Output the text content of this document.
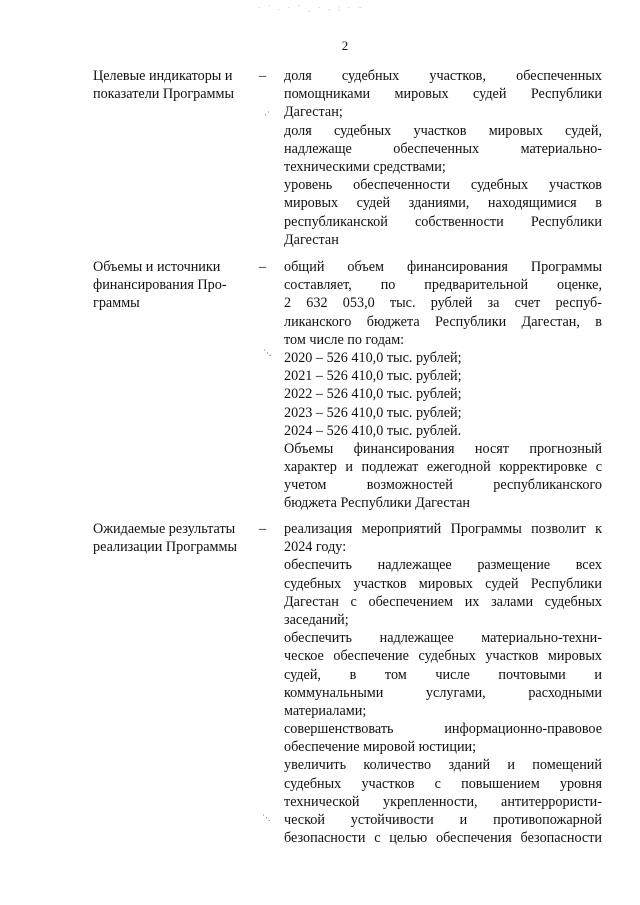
· ` . · ˇ ‸ · ‚ ; · ~
2
Целевые индикаторы и
показатели Программы
–	доля судебных участков, обеспеченных
помощниками мировых судей Республики
Дагестан;
доля судебных участков мировых судей,
надлежаще обеспеченных материально-
техническими средствами;
уровень обеспеченности судебных участков
мировых судей зданиями, находящимися в
республиканской собственности Республики
Дагестан
Объемы и источники
финансирования Про-
граммы
–	общий объем финансирования Программы
составляет, по предварительной оценке,
2 632 053,0 тыс. рублей за счет респуб-
ликанского бюджета Республики Дагестан, в
том числе по годам:
2020 – 526 410,0 тыс. рублей;
2021 – 526 410,0 тыс. рублей;
2022 – 526 410,0 тыс. рублей;
2023 – 526 410,0 тыс. рублей;
2024 – 526 410,0 тыс. рублей.
Объемы финансирования носят прогнозный
характер и подлежат ежегодной корректировке с
учетом возможностей республиканского
бюджета Республики Дагестан
Ожидаемые результаты
реализации Программы
–	реализация мероприятий Программы позволит к
2024 году:
обеспечить надлежащее размещение всех
судебных участков мировых судей Республики
Дагестан с обеспечением их залами судебных
заседаний;
обеспечить надлежащее материально-техни-
ческое обеспечение судебных участков мировых
судей, в том числе почтовыми и
коммунальными услугами, расходными
материалами;
совершенствовать информационно-правовое
обеспечение мировой юстиции;
увеличить количество зданий и помещений
судебных участков с повышением уровня
технической укрепленности, антитеррористи-
ческой устойчивости и противопожарной
безопасности с целью обеспечения безопасности
·˙
˙·.
˙·.
